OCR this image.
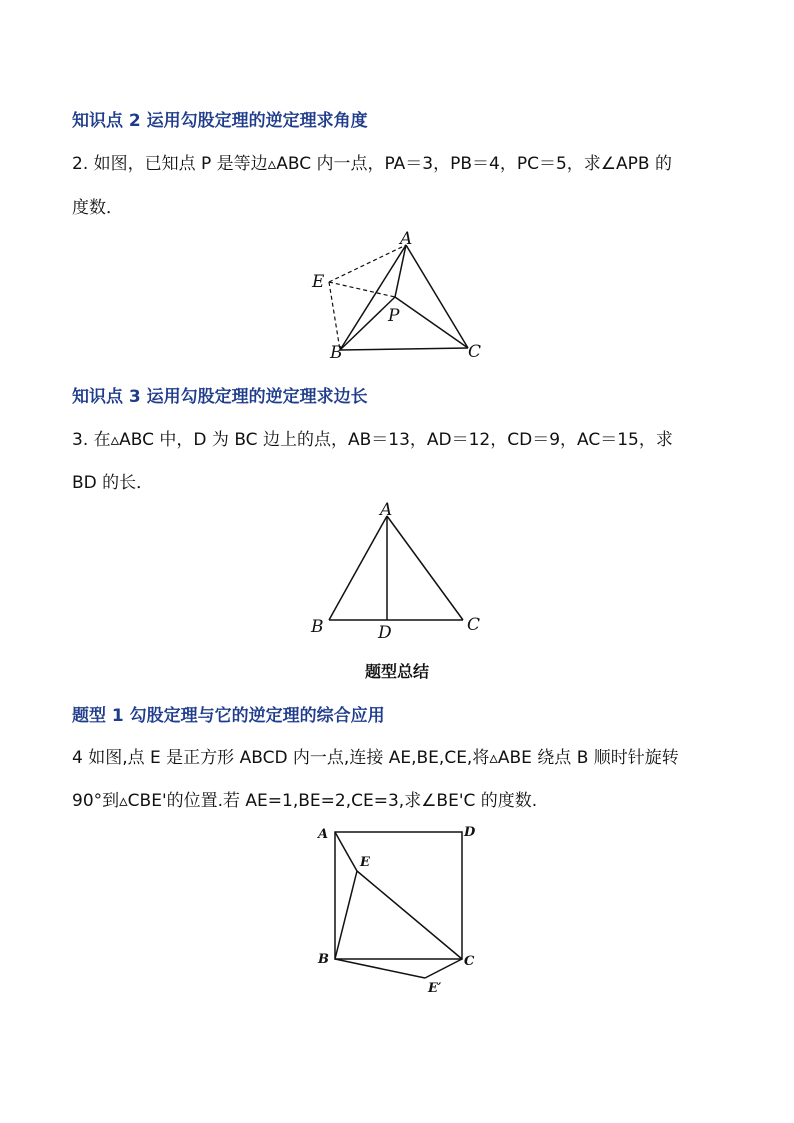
知识点 2 运用勾股定理的逆定理求角度
2. 如图，已知点 P 是等边▵ABC 内一点，PA＝3，PB＝4，PC＝5，求∠APB 的
度数．
A
E
P
B	C
知识点 3 运用勾股定理的逆定理求边长
3. 在▵ABC 中，D 为 BC 边上的点，AB＝13，AD＝12，CD＝9，AC＝15，求
BD 的长．
A
B	D	C
题型总结
题型 1 勾股定理与它的逆定理的综合应用
4 如图,点 E 是正方形 ABCD 内一点,连接 AE,BE,CE,将▵ABE 绕点 B 顺时针旋转
90°到▵CBE'的位置.若 AE=1,BE=2,CE=3,求∠BE'C 的度数.
A	D
E
B	C
E′
